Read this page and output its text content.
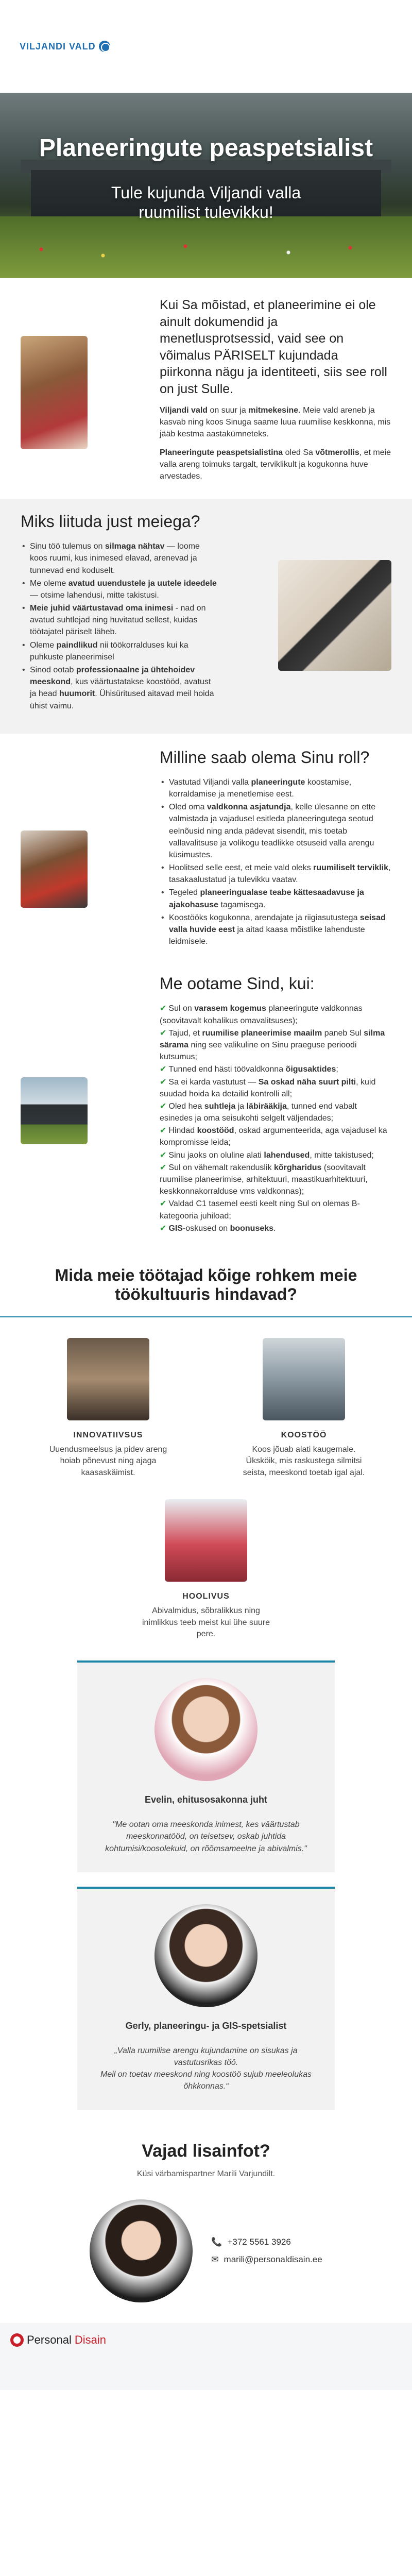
VILJANDI VALD
Planeeringute peaspetsialist
Tule kujunda Viljandi valla ruumilist tulevikku!
Kui Sa mõistad, et planeerimine ei ole ainult dokumendid ja menetlusprotsessid, vaid see on võimalus PÄRISELT kujundada piirkonna nägu ja identiteeti, siis see roll on just Sulle.

Viljandi vald on suur ja mitmekesine. Meie vald areneb ja kasvab ning koos Sinuga saame luua ruumilise keskkonna, mis jääb kestma aastakümneteks.

Planeeringute peaspetsialistina oled Sa võtmerollis, et meie valla areng toimuks targalt, terviklikult ja kogukonna huve arvestades.

Miks liituda just meiega?
• Sinu töö tulemus on silmaga nähtav — loome koos ruumi, kus inimesed elavad, arenevad ja tunnevad end koduselt.
• Me oleme avatud uuendustele ja uutele ideedele — otsime lahendusi, mitte takistusi.
• Meie juhid väärtustavad oma inimesi - nad on avatud suhtlejad ning huvitatud sellest, kuidas töötajatel päriselt läheb.
• Oleme paindlikud nii töökorralduses kui ka puhkuste planeerimisel
• Sinod ootab professionaalne ja ühtehoidev meeskond, kus väärtustatakse koostööd, avatust ja head huumorit. Ühisüritused aitavad meil hoida ühist vaimu.
Milline saab olema Sinu roll?
• Vastutad Viljandi valla planeeringute koostamise, korraldamise ja menetlemise eest.
• Oled oma valdkonna asjatundja, kelle ülesanne on ette valmistada ja vajadusel esitleda planeeringutega seotud eelnõusid ning anda pädevat sisendit, mis toetab vallavalitsuse ja volikogu teadlikke otsuseid valla arengu küsimustes.
• Hoolitsed selle eest, et meie vald oleks ruumiliselt terviklik, tasakaalustatud ja tulevikku vaatav.
• Tegeled planeeringualase teabe kättesaadavuse ja ajakohasuse tagamisega.
• Koostööks kogukonna, arendajate ja riigiasutustega seisad valla huvide eest ja aitad kaasa mõistlike lahenduste leidmisele.
Me ootame Sind, kui:
✔ Sul on varasem kogemus planeeringute valdkonnas (soovitavalt kohalikus omavalitsuses);
✔ Tajud, et ruumilise planeerimise maailm paneb Sul silma särama ning see valikuline on Sinu praeguse perioodi kutsumus;
✔ Tunned end hästi töövaldkonna õigusaktides;
✔ Sa ei karda vastutust — Sa oskad näha suurt pilti, kuid suudad hoida ka detailid kontrolli all;
✔ Oled hea suhtleja ja läbirääkija, tunned end vabalt esinedes ja oma seisukohti selgelt väljendades;
✔ Hindad koostööd, oskad argumenteerida, aga vajadusel ka kompromisse leida;
✔ Sinu jaoks on oluline alati lahendused, mitte takistused;
✔ Sul on vähemalt rakenduslik kõrgharidus (soovitavalt ruumilise planeerimise, arhitektuuri, maastikuarhitektuuri, keskkonnakorralduse vms valdkonnas);
✔ Valdad C1 tasemel eesti keelt ning Sul on olemas B-kategooria juhiload;
✔ GIS-oskused on boonuseks.
Mida meie töötajad kõige rohkem meie töökultuuris hindavad?
INNOVATIIVSUS

Uuendusmeelsus ja pidev areng hoiab põnevust ning ajaga kaasaskäimist.

KOOSTÖÖ

Koos jõuab alati kaugemale. Üksköik, mis raskustega silmitsi seista, meeskond toetab igal ajal.

HOOLIVUS

Abivalmidus, sõbralikkus ning inimlikkus teeb meist kui ühe suure pere.

Evelin, ehitusosakonna juht
"Me ootan oma meeskonda inimest, kes väärtustab meeskonnatööd, on teisetsev, oskab juhtida kohtumisi/koosolekuid, on rõõmsameelne ja abivalmis."
Gerly, planeeringu- ja GIS-spetsialist
„Valla ruumilise arengu kujundamine on sisukas ja vastutusrikas töö.
Meil on toetav meeskond ning koostöö sujub meeleolukas õhkkonnas.“
Vajad lisainfot?
Küsi värbamispartner Marili Varjundilt.
📞 +372 5561 3926
✉ marili@personaldisain.ee
Personal Disain
